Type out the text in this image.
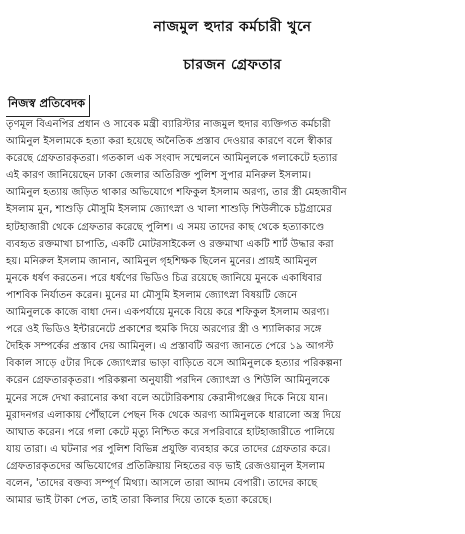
নাজমুল হুদার কর্মচারী খুনে
চারজন গ্রেফতার
নিজস্ব প্রতিবেদক
তৃণমূল বিএনপির প্রধান ও সাবেক মন্ত্রী ব্যারিস্টার নাজমুল হুদার ব্যক্তিগত কর্মচারী
আমিনুল ইসলামকে হত্যা করা হয়েছে অনৈতিক প্রস্তাব দেওয়ার কারণে বলে স্বীকার
করেছে গ্রেফতারকৃতরা। গতকাল এক সংবাদ সম্মেলনে আমিনুলকে গলাকেটে হত্যার
এই কারণ জানিয়েছেন ঢাকা জেলার অতিরিক্ত পুলিশ সুপার মনিরুল ইসলাম।
আমিনুল হত্যায় জড়িত থাকার অভিযোগে শফিকুল ইসলাম অরণ্য, তার স্ত্রী মেহজাবীন
ইসলাম মুন, শাশুড়ি মৌসুমি ইসলাম জ্যোৎস্না ও খালা শাশুড়ি শিউলীকে চট্টগ্রামের
হাটহাজারী থেকে গ্রেফতার করেছে পুলিশ। এ সময় তাদের কাছ থেকে হত্যাকাণ্ডে
ব্যবহৃত রক্তমাখা চাপাতি, একটি মোটরসাইকেল ও রক্তমাখা একটি শার্ট উদ্ধার করা
হয়। মনিরুল ইসলাম জানান, আমিনুল গৃহশিক্ষক ছিলেন মুনের। প্রায়ই আমিনুল
মুনকে ধর্ষণ করতেন। পরে ধর্ষণের ভিডিও চিত্র রয়েছে জানিয়ে মুনকে একাধিবার
পাশবিক নির্যাতন করেন। মুনের মা মৌসুমি ইসলাম জ্যোৎস্না বিষয়টি জেনে
আমিনুলকে কাজে বাধা দেন। একপর্যায়ে মুনকে বিয়ে করে শফিকুল ইসলাম অরণ্য।
পরে ওই ভিডিও ইন্টারনেটে প্রকাশের হুমকি দিয়ে অরণ্যের স্ত্রী ও শ্যালিকার সঙ্গে
দৈহিক সম্পর্কের প্রস্তাব দেয় আমিনুল। এ প্রস্তাবটি অরণ্য জানতে পেরে ১৯ আগস্ট
বিকাল সাড়ে ৫টার দিকে জ্যোৎস্নার ভাড়া বাড়িতে বসে আমিনুলকে হত্যার পরিকল্পনা
করেন গ্রেফতারকৃতরা। পরিকল্পনা অনুযায়ী পরদিন জ্যোৎস্না ও শিউলি আমিনুলকে
মুনের সঙ্গে দেখা করানোর কথা বলে অটোরিকশায় কেরানীগঞ্জের দিকে নিয়ে যান।
মুরাদনগর এলাকায় পৌঁছালে পেছন দিক থেকে অরণ্য আমিনুলকে ধারালো অস্ত্র দিয়ে
আঘাত করেন। পরে গলা কেটে মৃত্যু নিশ্চিত করে সপরিবারে হাটহাজারীতে পালিয়ে
যায় তারা। এ ঘটনার পর পুলিশ বিভিন্ন প্রযুক্তি ব্যবহার করে তাদের গ্রেফতার করে।
গ্রেফতারকৃতদের অভিযোগের প্রতিক্রিয়ায় নিহতের বড় ভাই রেজওয়ানুল ইসলাম
বলেন, 'তাদের বক্তব্য সম্পূর্ণ মিথ্যা। আসলে তারা আদম বেপারী। তাদের কাছে
আমার ভাই টাকা পেত, তাই তারা কিলার দিয়ে তাকে হত্যা করেছে।
